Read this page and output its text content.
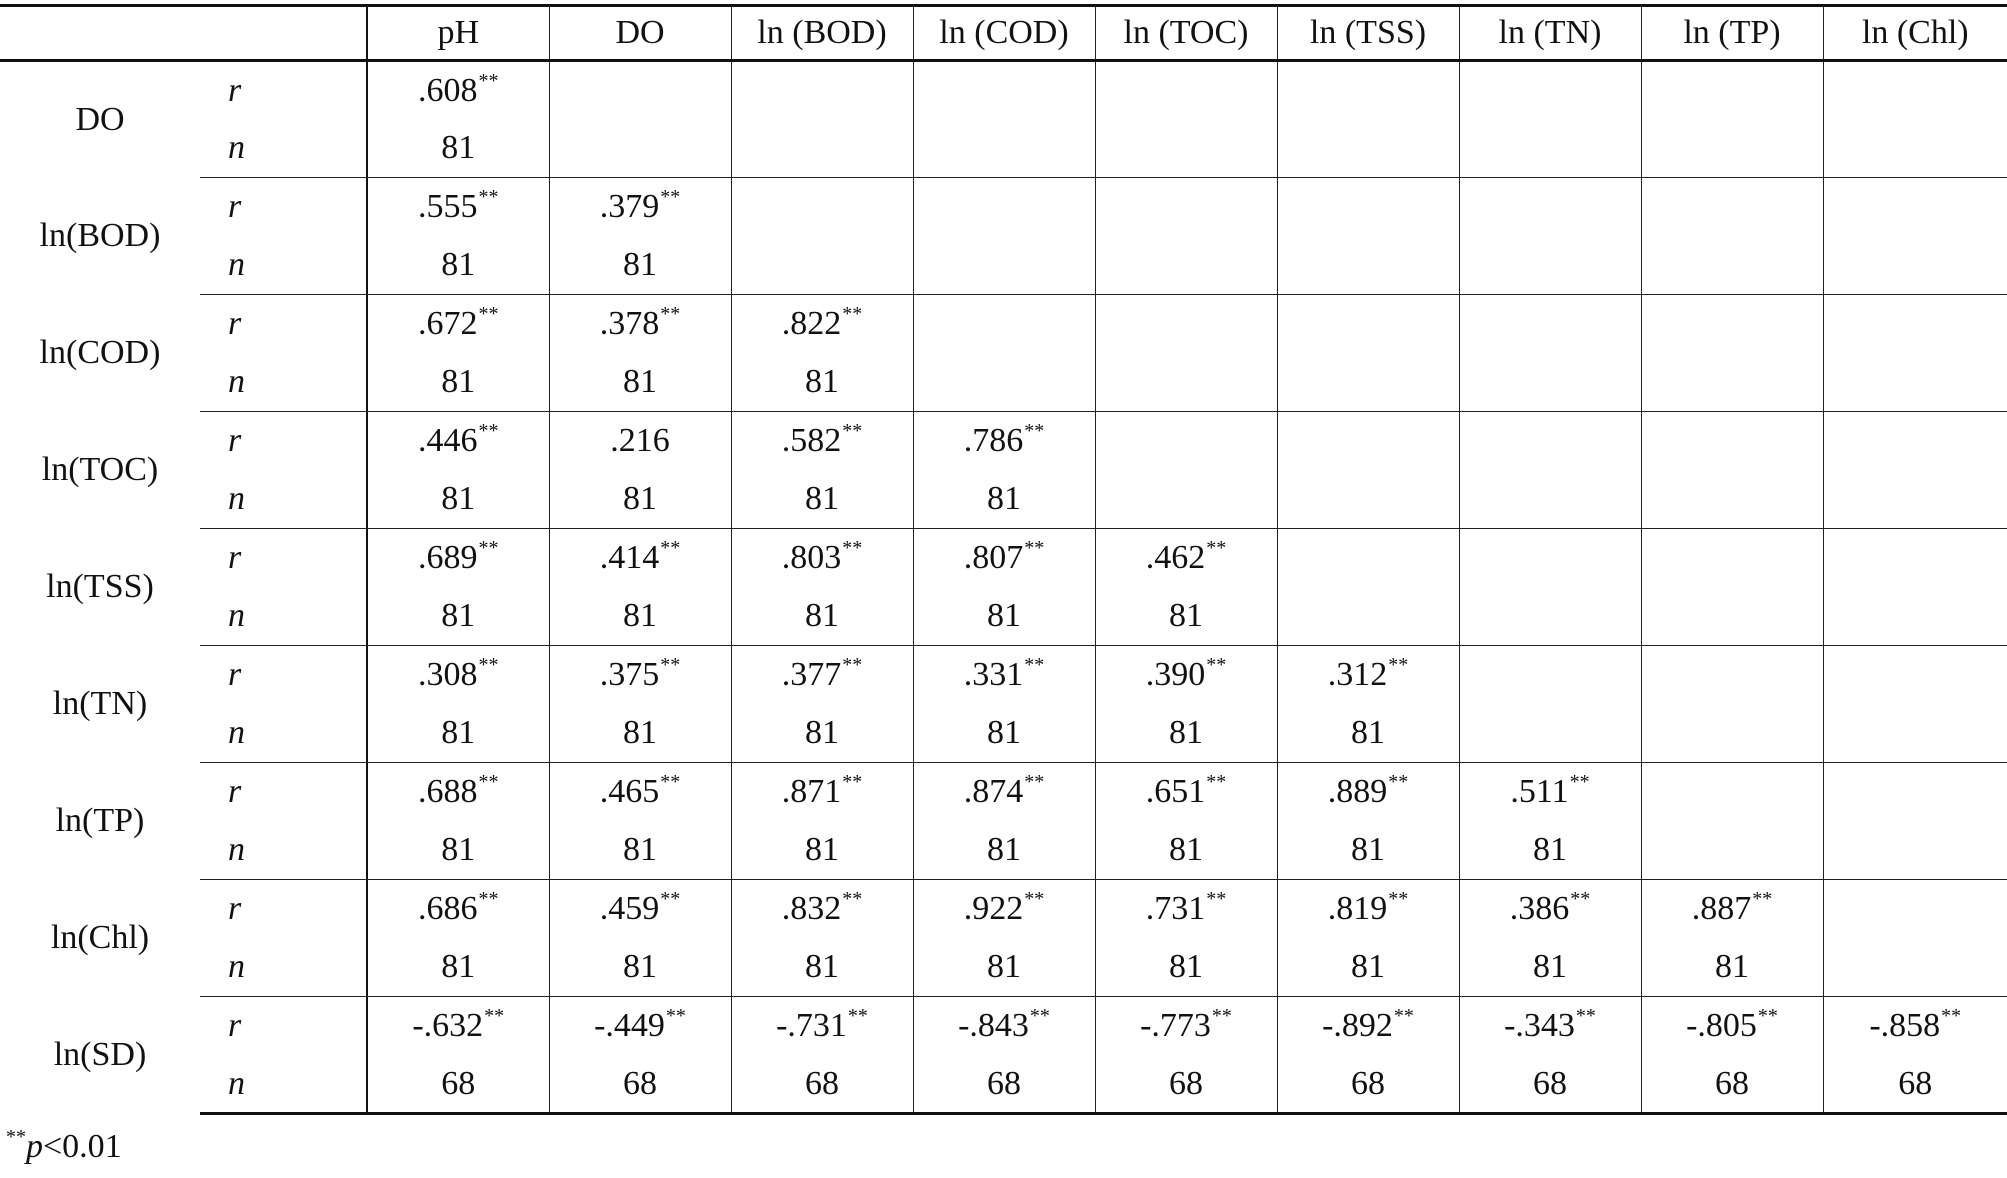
		pH	DO	ln (BOD)	ln (COD)	ln (TOC)	ln (TSS)	ln (TN)	ln (TP)	ln (Chl)
DO	r	.608**								
	n	81								
ln(BOD)	r	.555**	.379**							
	n	81	81							
ln(COD)	r	.672**	.378**	.822**						
	n	81	81	81						
ln(TOC)	r	.446**	.216	.582**	.786**					
	n	81	81	81	81					
ln(TSS)	r	.689**	.414**	.803**	.807**	.462**				
	n	81	81	81	81	81				
ln(TN)	r	.308**	.375**	.377**	.331**	.390**	.312**			
	n	81	81	81	81	81	81			
ln(TP)	r	.688**	.465**	.871**	.874**	.651**	.889**	.511**		
	n	81	81	81	81	81	81	81		
ln(Chl)	r	.686**	.459**	.832**	.922**	.731**	.819**	.386**	.887**	
	n	81	81	81	81	81	81	81	81	
ln(SD)	r	-.632**	-.449**	-.731**	-.843**	-.773**	-.892**	-.343**	-.805**	-.858**
	n	68	68	68	68	68	68	68	68	68
**p<0.01
